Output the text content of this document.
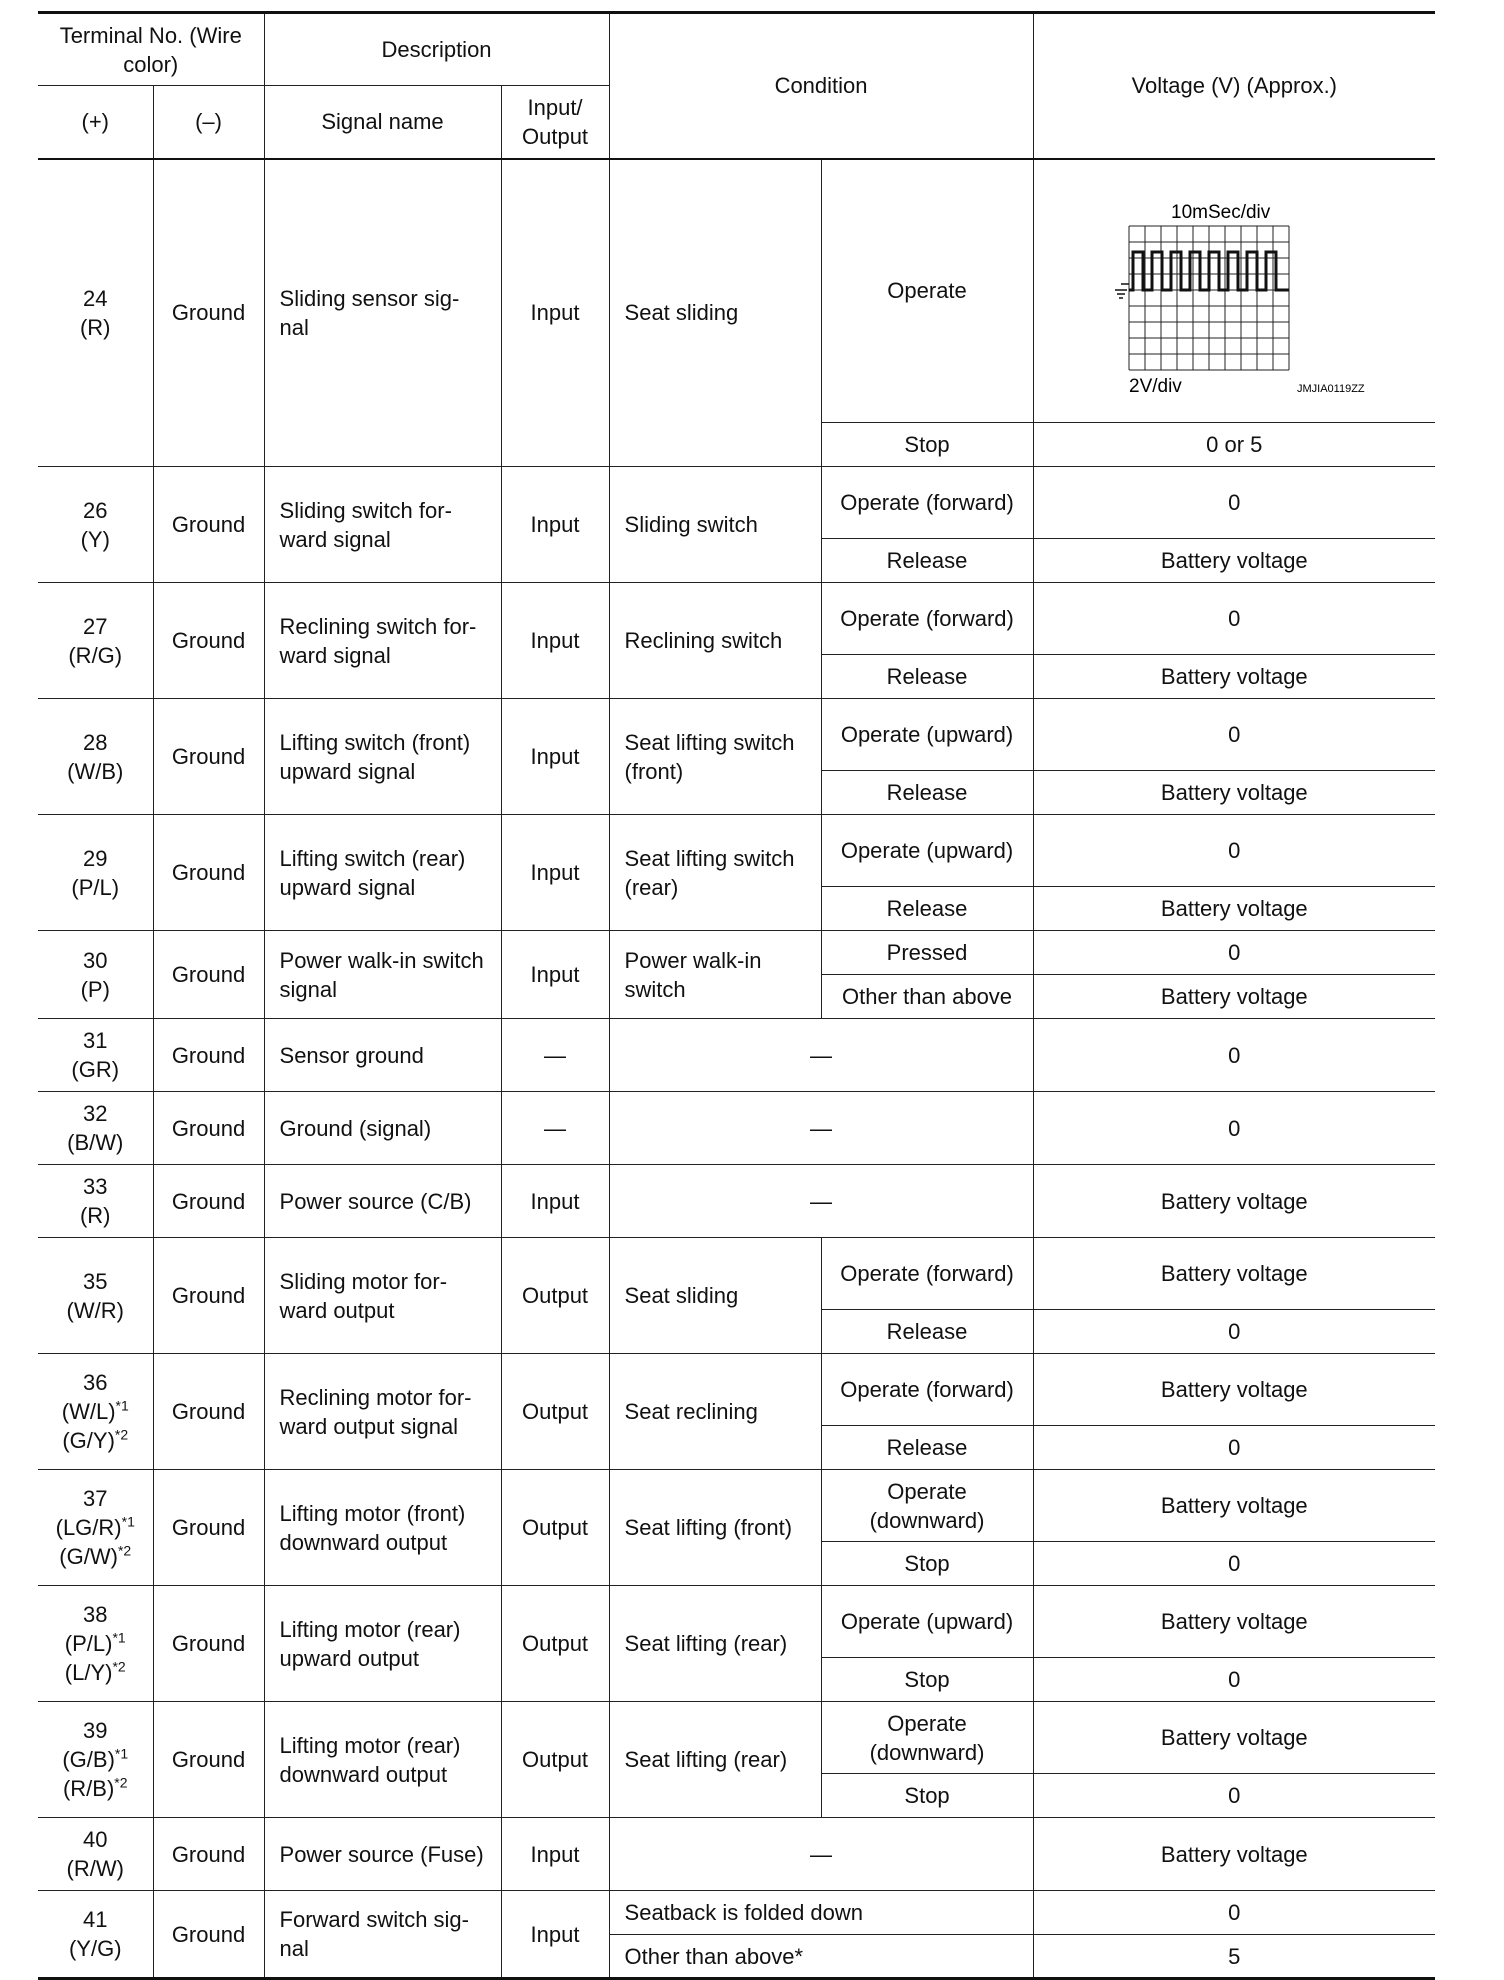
Terminal No. (Wire color)		Description		Condition		Voltage (V) (Approx.)
(+)	(–)	Signal name	Input/ Output			

24
(R)	Ground	Sliding sensor sig- nal	Input	Seat sliding	Operate	10mSec/div
2V/div JMJIA0119ZZ

					Stop	0 or 5

26
(Y)	Ground	Sliding switch for- ward signal	Input	Sliding switch	Operate (forward)	0
					Release	Battery voltage

27
(R/G)	Ground	Reclining switch for- ward signal	Input	Reclining switch	Operate (forward)	0
					Release	Battery voltage

28
(W/B)	Ground	Lifting switch (front) upward signal	Input	Seat lifting switch (front)	Operate (upward)	0
					Release	Battery voltage

29
(P/L)	Ground	Lifting switch (rear) upward signal	Input	Seat lifting switch (rear)	Operate (upward)	0
					Release	Battery voltage

30
(P)	Ground	Power walk-in switch signal	Input	Power walk-in switch	Pressed	0
					Other than above	Battery voltage

31
(GR)	Ground	Sensor ground	—	—		0

32
(B/W)	Ground	Ground (signal)	—	—		0

33
(R)	Ground	Power source (C/B)	Input	—		Battery voltage

35
(W/R)	Ground	Sliding motor for- ward output	Output	Seat sliding	Operate (forward)	Battery voltage
					Release	0

36
$(W/L)^{*1}$
$(G/Y)^{*2}$	Ground	Reclining motor for- ward output signal	Output	Seat reclining	Operate (forward)	Battery voltage
					Release	0

37
$(LG/R)^{*1}$
$(G/W)^{*2}$	Ground	Lifting motor (front) downward output	Output	Seat lifting (front)	Operate (downward)	Battery voltage
					Stop	0

38
$(P/L)^{*1}$
$(L/Y)^{*2}$	Ground	Lifting motor (rear) upward output	Output	Seat lifting (rear)	Operate (upward)	Battery voltage
					Stop	0

39
$(G/B)^{*1}$
$(R/B)^{*2}$	Ground	Lifting motor (rear) downward output	Output	Seat lifting (rear)	Operate (downward)	Battery voltage
					Stop	0

40
(R/W)	Ground	Power source (Fuse)	Input	—		Battery voltage

41
(Y/G)	Ground	Forward switch sig- nal	Input	Seatback is folded down		0
				Other than above*		5
